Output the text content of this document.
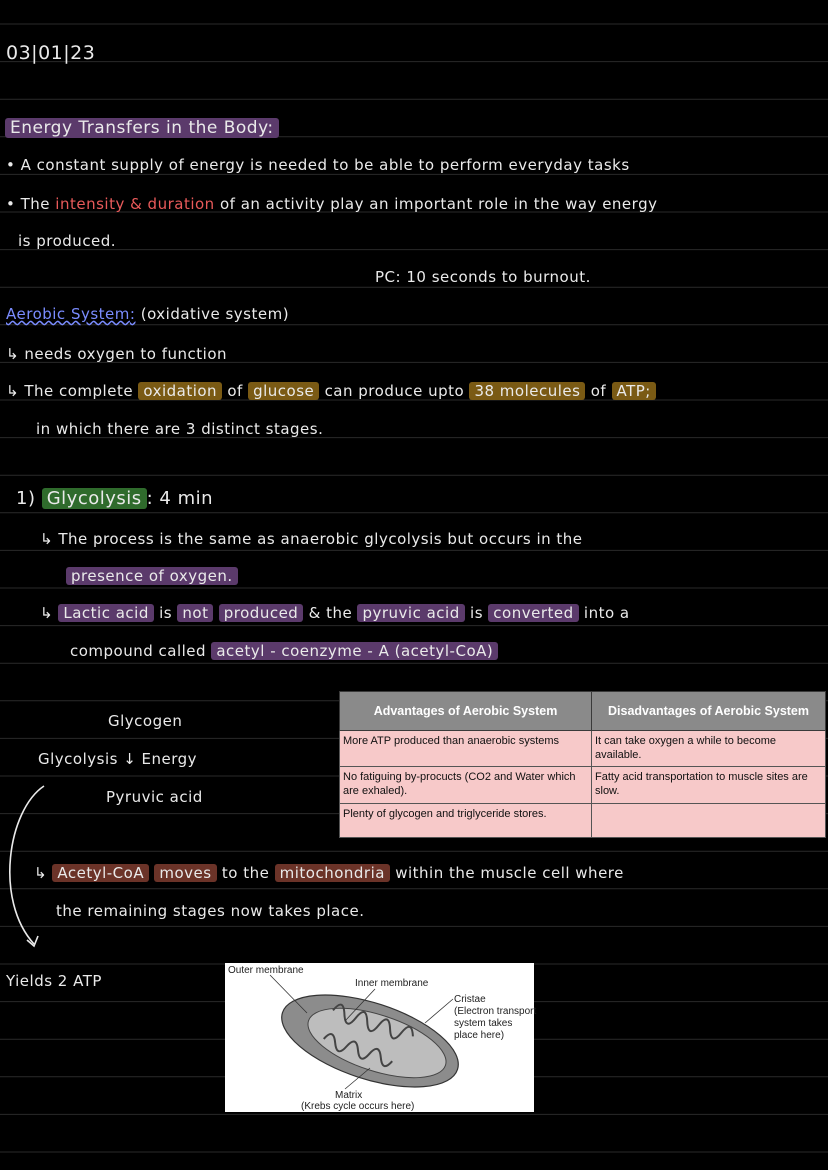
03|01|23
Energy Transfers in the Body:
• A constant supply of energy is needed to be able to perform everyday tasks
• The intensity & duration of an activity play an important role in the way energy
is produced.
PC: 10 seconds to burnout.
Aerobic System: (oxidative system)
↳ needs oxygen to function
↳ The complete oxidation of glucose can produce upto 38 molecules of ATP;
in which there are 3 distinct stages.
1) Glycolysis : 4 min
↳ The process is the same as anaerobic glycolysis but occurs in the
presence of oxygen.
↳ Lactic acid is not produced & the pyruvic acid is converted into a
compound called acetyl - coenzyme - A (acetyl-CoA)
Glycogen
Glycolysis ↓ Energy
Pyruvic acid
Advantages of Aerobic System	Disadvantages of Aerobic System
More ATP produced than anaerobic systems	It can take oxygen a while to become available.
No fatiguing by-procucts (CO2 and Water which are exhaled).	Fatty acid transportation to muscle sites are slow.
Plenty of glycogen and triglyceride stores.	
↳ Acetyl-CoA moves to the mitochondria within the muscle cell where
the remaining stages now takes place.
Yields 2 ATP
Outer membrane
Inner membrane
Cristae
(Electron transport
system takes
place here)
Matrix
(Krebs cycle occurs here)
